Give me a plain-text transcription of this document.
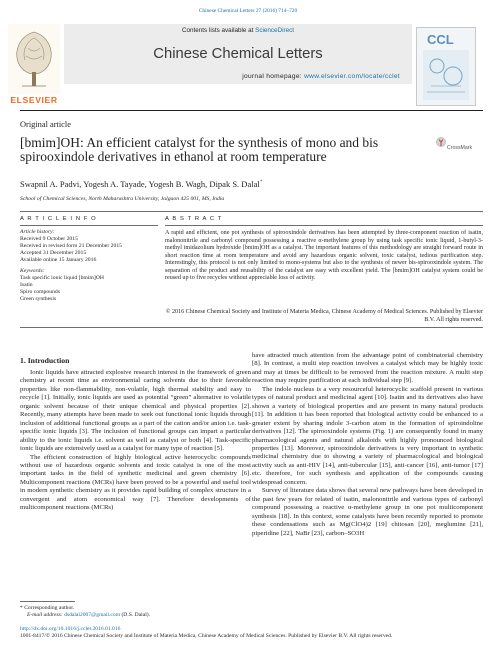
Chinese Chemical Letters 27 (2016) 714–720
Contents lists available at ScienceDirect
Chinese Chemical Letters
journal homepage: www.elsevier.com/locate/cclet
ELSEVIER
CCL
Original article
[bmim]OH: An efficient catalyst for the synthesis of mono and bis spirooxindole derivatives in ethanol at room temperature
CrossMark
Swapnil A. Padvi, Yogesh A. Tayade, Yogesh B. Wagh, Dipak S. Dalal*
School of Chemical Sciences, North Maharashtra University, Jalgaon 425 001, MS, India
A R T I C L E I N F O
Article history:
Received 9 October 2015
Received in revised form 21 December 2015
Accepted 31 December 2015
Available online 15 January 2016
Keywords:
Task specific ionic liquid [bmim]OH
Isatin
Spiro compounds
Green synthesis
A B S T R A C T
A rapid and efficient, one pot synthesis of spirooxindole derivatives has been attempted by three-component reaction of isatin, malononitrile and carbonyl compound possessing a reactive α-methylene group by using task specific ionic liquid, 1-butyl-3-methyl imidazolium hydroxide [bmim]OH as a catalyst. The important features of this methodology are straight forward route in short reaction time at room temperature and avoid any hazardous organic solvent, toxic catalyst, tedious purification step. Interestingly, this protocol is not only limited to mono-systems but also to the synthesis of newer bis-spirooxindole system. The separation of the product and reusability of the catalyst are easy with excellent yield. The [bmim]OH catalyst system could be reused up to five recycles without appreciable loss of activity.
© 2016 Chinese Chemical Society and Institute of Materia Medica, Chinese Academy of Medical Sciences. Published by Elsevier B.V. All rights reserved.
1. Introduction

Ionic liquids have attracted explosive research interest in the framework of green chemistry at recent time as environmental caring solvents due to their favorable properties like non-flammability, non-volatile, high thermal stability and easy to recycle [1]. Initially, ionic liquids are used as potential “green” alternative to volatile organic solvent because of their unique chemical and physical properties [2]. Recently, many attempts have been made to seek out functional ionic liquids through inclusion of additional functional groups as a part of the cation and/or anion i.e. task-specific ionic liquids [3]. The inclusion of functional groups can impart a particular ability to the ionic liquids i.e. solvent as well as catalyst or both [4]. Task-specific ionic liquids are extensively used as a catalyst for many type of reaction [5].

The efficient construction of highly biological active heterocyclic compounds without use of hazardous organic solvents and toxic catalyst is one of the most important tasks in the field of synthetic medicinal and green chemistry [6]. Multicomponent reactions (MCRs) have been proved to be a powerful and useful tool in modern synthetic chemistry as it provides rapid building of complex structure in a convergent and atom economical way [7]. Therefore developments of multicomponent reactions (MCRs)

have attracted much attention from the advantage point of combinatorial chemistry [8]. In contrast, a multi step reaction involves a catalyst which may be highly toxic and may at times be difficult to be removed from the reaction mixture. A multi step reaction may require purification at each individual step [9].

The indole nucleus is a very resourceful heterocyclic scaffold present in various types of natural product and medicinal agent [10]. Isatin and its derivatives also have shown a variety of biological properties and are present in many natural products [11]. In addition it has been reported that biological activity could be enhanced to a greater extent by sharing indole 3-carbon atom in the formation of spiroindoline derivatives [12]. The spirooxindole systems (Fig. 1) are consequently found in many pharmacological agents and natural alkaloids with highly pronounced biological properties [13]. Moreover, spirooxindole derivatives is very important in synthetic medicinal chemistry due to showing a variety of pharmacological and biological activity such as anti-HIV [14], anti-tubercular [15], anti-cancer [16], anti-tumor [17] etc. therefore, for such synthesis and application of the compounds causing widespread concern.

Survey of literature data shows that several new pathways have been developed in the past few years for related of isatin, malononitrile and various types of carbonyl compound possessing a reactive α-methylene group in one pot multicomponent synthesis [18]. In this context, some catalysts have been recently reported to promote these condensations such as Mg(ClO4)2 [19] chitosan [20], meglumine [21], piperidine [22], NaBr [23], carbon–SO3H

* Corresponding author.
E-mail address: dsdalal2007@gmail.com (D.S. Dalal).
http://dx.doi.org/10.1016/j.cclet.2016.01.016
1001-8417/© 2016 Chinese Chemical Society and Institute of Materia Medica, Chinese Academy of Medical Sciences. Published by Elsevier B.V. All rights reserved.
